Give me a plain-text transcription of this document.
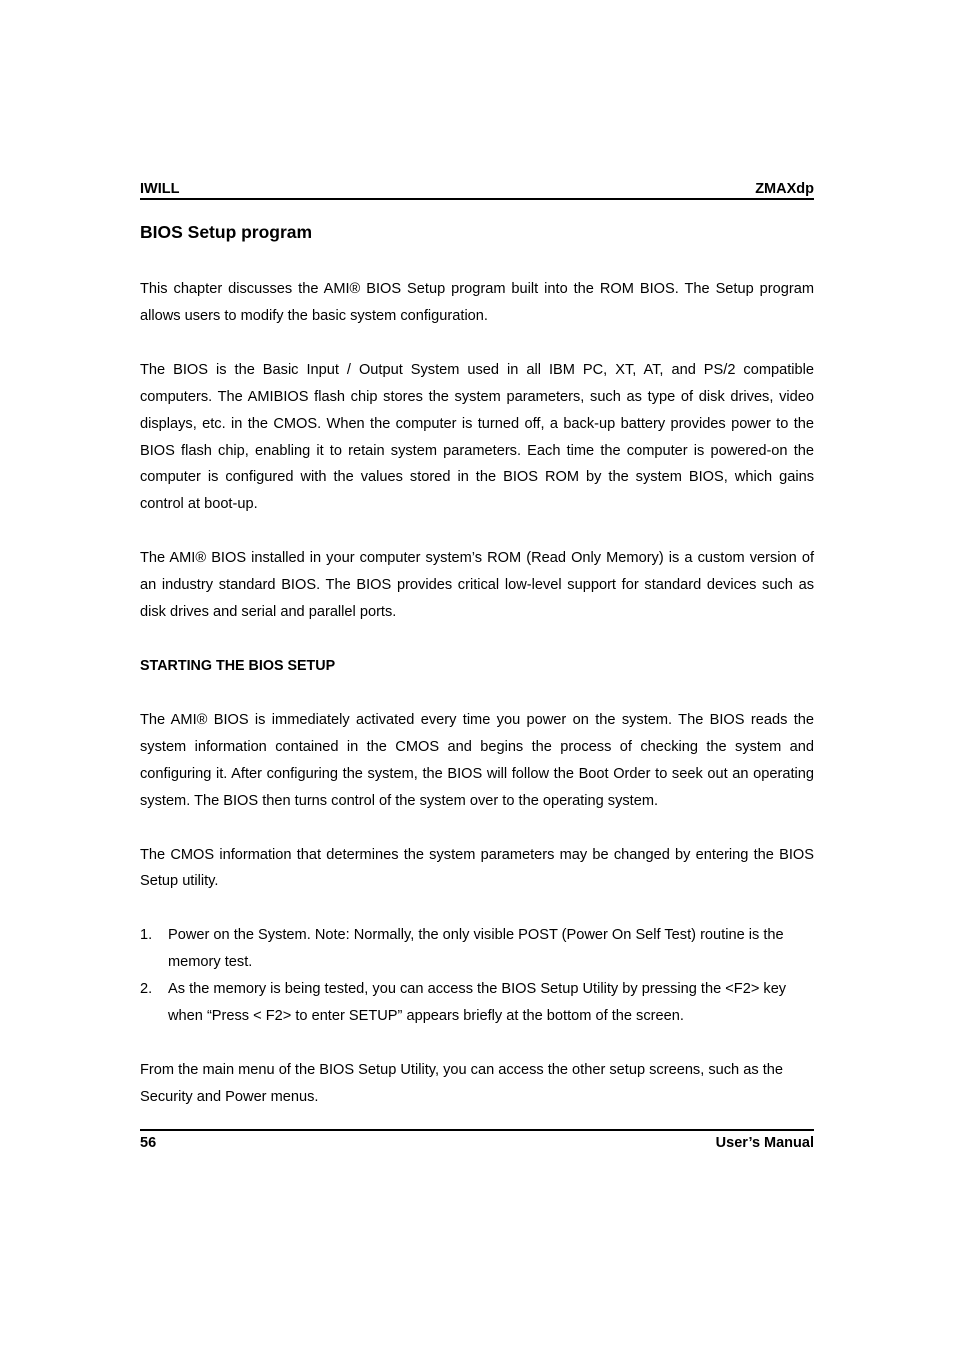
IWILL	ZMAXdp
BIOS Setup program

This chapter discusses the AMI® BIOS Setup program built into the ROM BIOS. The Setup program allows users to modify the basic system configuration.

The BIOS is the Basic Input / Output System used in all IBM PC, XT, AT, and PS/2 compatible computers. The AMIBIOS flash chip stores the system parameters, such as type of disk drives, video displays, etc. in the CMOS. When the computer is turned off, a back-up battery provides power to the BIOS flash chip, enabling it to retain system parameters. Each time the computer is powered-on the computer is configured with the values stored in the BIOS ROM by the system BIOS, which gains control at boot-up.

The AMI® BIOS installed in your computer system’s ROM (Read Only Memory) is a custom version of an industry standard BIOS. The BIOS provides critical low-level support for standard devices such as disk drives and serial and parallel ports.

STARTING THE BIOS SETUP

The AMI® BIOS is immediately activated every time you power on the system. The BIOS reads the system information contained in the CMOS and begins the process of checking the system and configuring it. After configuring the system, the BIOS will follow the Boot Order to seek out an operating system. The BIOS then turns control of the system over to the operating system.

The CMOS information that determines the system parameters may be changed by entering the BIOS Setup utility.

1.	Power on the System. Note: Normally, the only visible POST (Power On Self Test) routine is the memory test.
2.	As the memory is being tested, you can access the BIOS Setup Utility by pressing the <F2> key when “Press < F2> to enter SETUP” appears briefly at the bottom of the screen.

From the main menu of the BIOS Setup Utility, you can access the other setup screens, such as the Security and Power menus.

56	User’s Manual
